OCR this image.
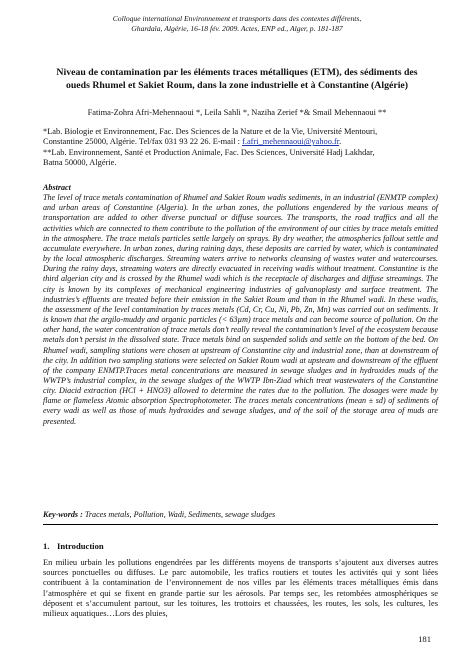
Colloque international Environnement et transports dans des contextes différents,
Ghardaïa, Algérie, 16-18 fév. 2009. Actes, ENP ed., Alger, p. 181-187
Niveau de contamination par les éléments traces métalliques (ETM), des sédiments des
oueds Rhumel et Sakiet Roum, dans la zone industrielle et à Constantine (Algérie)
Fatima-Zohra Afri-Mehennaoui *, Leila Sahli *, Naziha Zerief *& Smail Mehennaoui **

*Lab. Biologie et Environnement, Fac. Des Sciences de la Nature et de la Vie, Université Mentouri,

Constantine 25000, Algérie. Tel/fax 031 93 22 26. E-mail : f.afri_mehennaoui@yahoo.fr.

**Lab. Environnement, Santé et Production Animale, Fac. Des Sciences, Université Hadj Lakhdar,

Batna 50000, Algérie.

Abstract
The level of trace metals contamination of Rhumel and Sakiet Roum wadis sediments, in an industrial (ENMTP complex) and urban areas of Constantine (Algeria). In the urban zones, the pollutions engendered by the various means of transportation are added to other diverse punctual or diffuse sources. The transports, the road traffics and all the activities which are connected to them contribute to the pollution of the environment of our cities by trace metals emitted in the atmosphere. The trace metals particles settle largely on sprays. By dry weather, the atmospherics fallout settle and accumulate everywhere. In urban zones, during raining days, these deposits are carried by water, which is contaminated by the local atmospheric discharges. Streaming waters arrive to networks cleansing of wastes water and watercourses. During the rainy days, streaming waters are directly evacuated in receiving wadis without treatment. Constantine is the third algerian city and is crossed by the Rhumel wadi which is the receptacle of discharges and diffuse streamings. The city is known by its complexes of mechanical engineering industries of galvanoplasty and surface treatment. The industries’s effluents are treated before their emission in the Sakiet Roum and than in the Rhumel wadi. In these wadis, the assessment of the level contamination by traces metals (Cd, Cr, Cu, Ni, Pb, Zn, Mn) was carried out on sediments. It is known that the argilo-muddy and organic particles (< 63µm) trace metals and can become source of pollution. On the other hand, the water concentration of trace metals don’t really reveal the contamination’s level of the ecosystem because metals don’t persist in the dissolved state. Trace metals bind on suspended solids and settle on the bottom of the bed. On Rhumel wadi, sampling stations were chosen at upstream of Constantine city and industrial zone, than at downstream of the city. In addition two sampling stations were selected on Sakiet Roum wadi at upsteam and downstream of the effluent of the company ENMTP.Traces metal concentrations are measured in sewage sludges and in hydroxides muds of the WWTP’s industrial complex, in the sewage sludges of the WWTP Ibn-Ziad which treat wastewaters of the Constantine city. Diacid extraction (HCl + HNO3) allowed to determine the rates due to the pollution. The dosages were made by flame or flameless Atomic absorption Spectrophotometer. The traces metals concentrations (mean ± sd) of sediments of every wadi as well as those of muds hydroxides and sewage sludges, and of the soil of the storage area of muds are presented.
Key-words : Traces metals, Pollution, Wadi, Sediments, sewage sludges
1. Introduction
En milieu urbain les pollutions engendrées par les différents moyens de transports s’ajoutent aux diverses autres sources ponctuelles ou diffuses. Le parc automobile, les trafics routiers et toutes les activités qui y sont liées contribuent à la contamination de l’environnement de nos villes par les éléments traces métalliques émis dans l’atmosphère et qui se fixent en grande partie sur les aérosols. Par temps sec, les retombées atmosphériques se déposent et s’accumulent partout, sur les toitures, les trottoirs et chaussées, les routes, les sols, les cultures, les milieux aquatiques…Lors des pluies,
181
